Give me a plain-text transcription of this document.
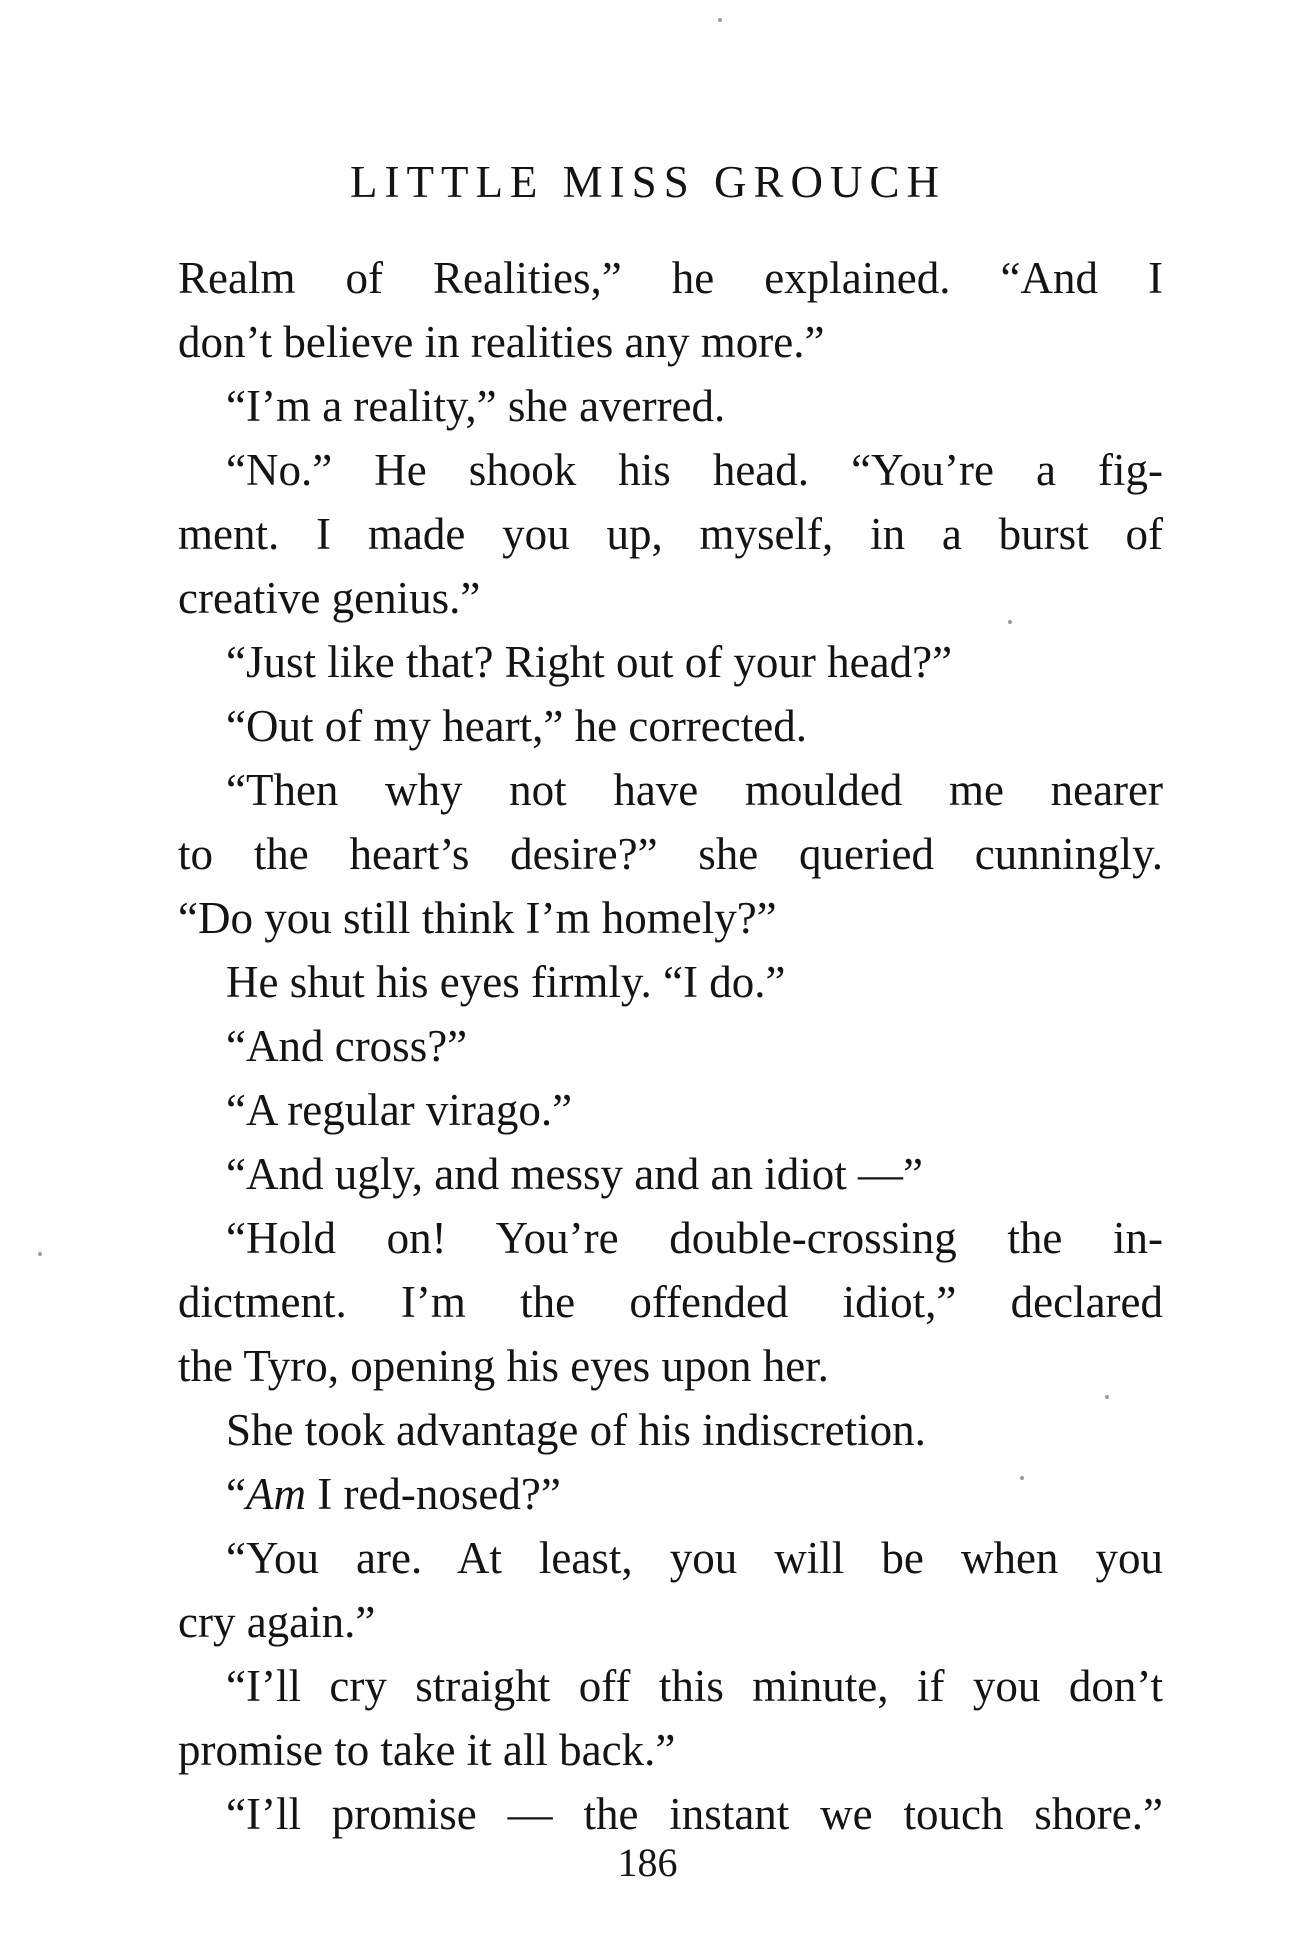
LITTLE MISS GROUCH
Realm of Realities,” he explained. “And I
don’t believe in realities any more.”
“I’m a reality,” she averred.
“No.” He shook his head. “You’re a fig-
ment. I made you up, myself, in a burst of
creative genius.”
“Just like that? Right out of your head?”
“Out of my heart,” he corrected.
“Then why not have moulded me nearer
to the heart’s desire?” she queried cunningly.
“Do you still think I’m homely?”
He shut his eyes firmly. “I do.”
“And cross?”
“A regular virago.”
“And ugly, and messy and an idiot —”
“Hold on! You’re double-crossing the in-
dictment. I’m the offended idiot,” declared
the Tyro, opening his eyes upon her.
She took advantage of his indiscretion.
“Am I red-nosed?”
“You are. At least, you will be when you
cry again.”
“I’ll cry straight off this minute, if you don’t
promise to take it all back.”
“I’ll promise — the instant we touch shore.”
186
